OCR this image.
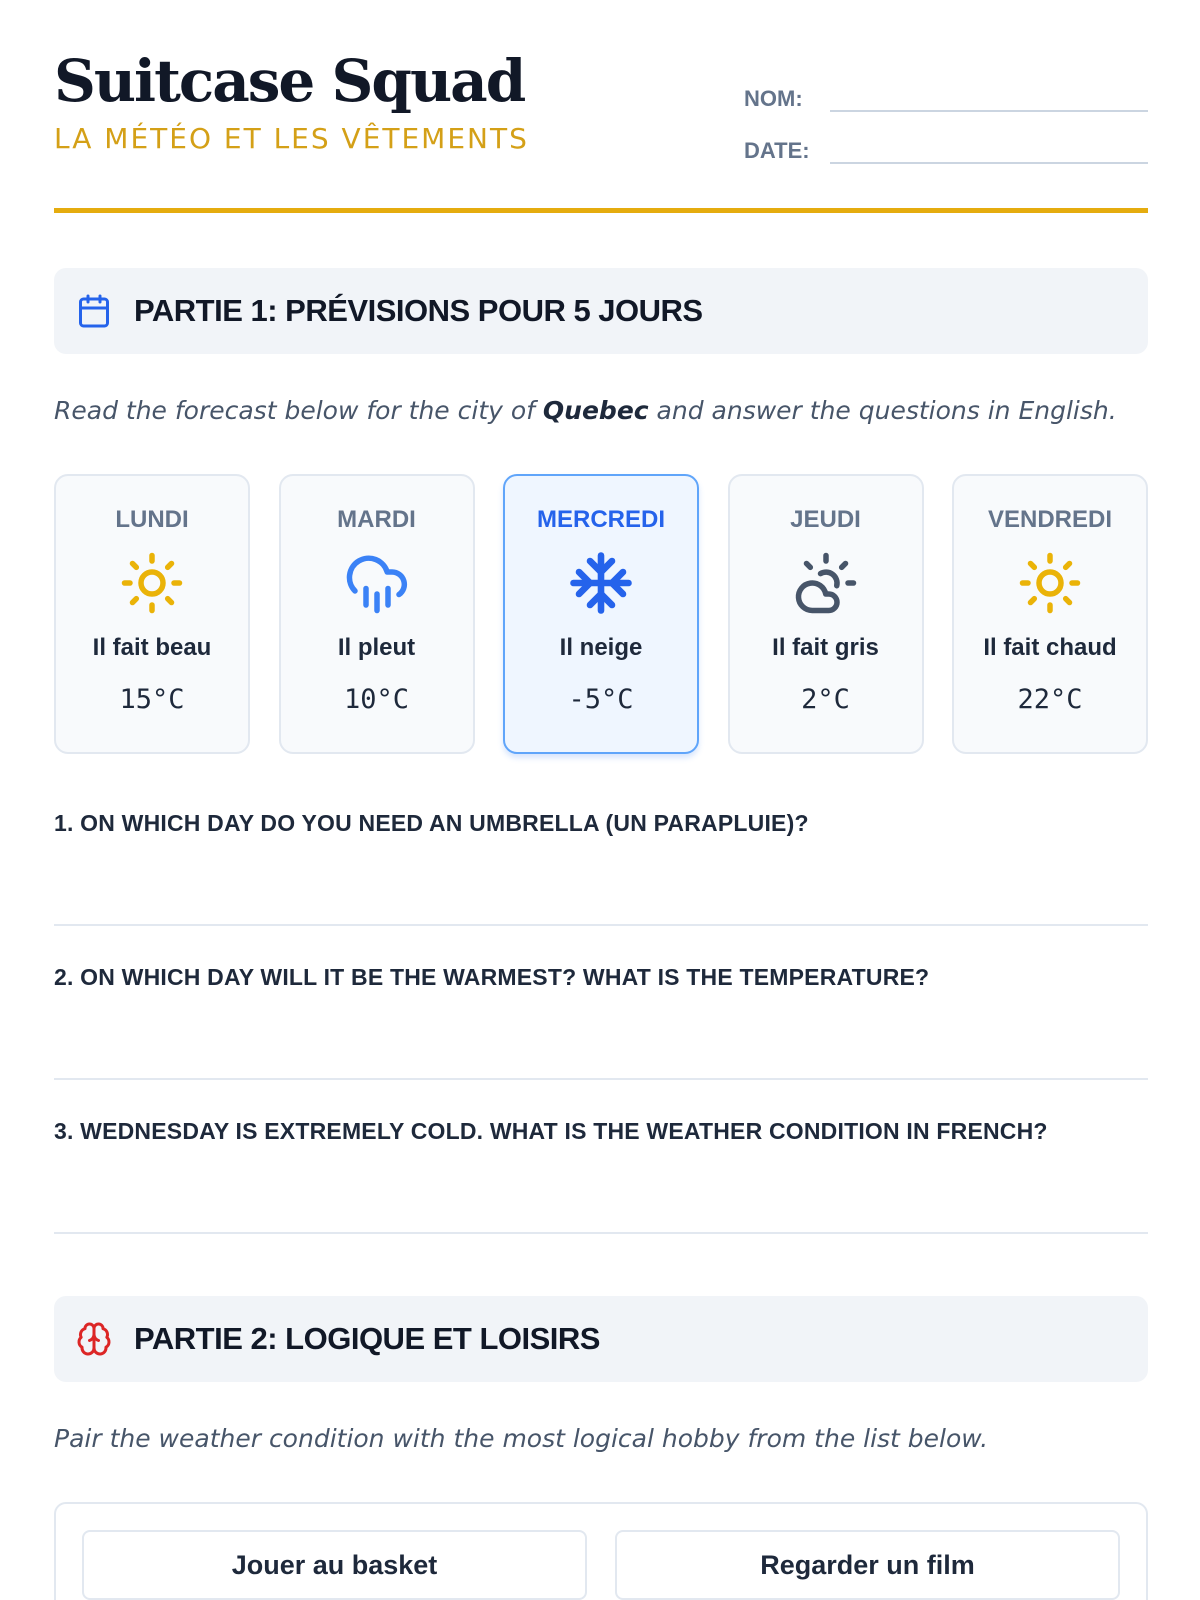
Suitcase Squad
LA MÉTÉO ET LES VÊTEMENTS
NOM:
DATE:
PARTIE 1: PRÉVISIONS POUR 5 JOURS
Read the forecast below for the city of Quebec and answer the questions in English.
LUNDI
Il fait beau
15°C
MARDI
Il pleut
10°C
MERCREDI
Il neige
-5°C
JEUDI
Il fait gris
2°C
VENDREDI
Il fait chaud
22°C
1. ON WHICH DAY DO YOU NEED AN UMBRELLA (UN PARAPLUIE)?
2. ON WHICH DAY WILL IT BE THE WARMEST? WHAT IS THE TEMPERATURE?
3. WEDNESDAY IS EXTREMELY COLD. WHAT IS THE WEATHER CONDITION IN FRENCH?
PARTIE 2: LOGIQUE ET LOISIRS
Pair the weather condition with the most logical hobby from the list below.
Jouer au basket	Regarder un film
